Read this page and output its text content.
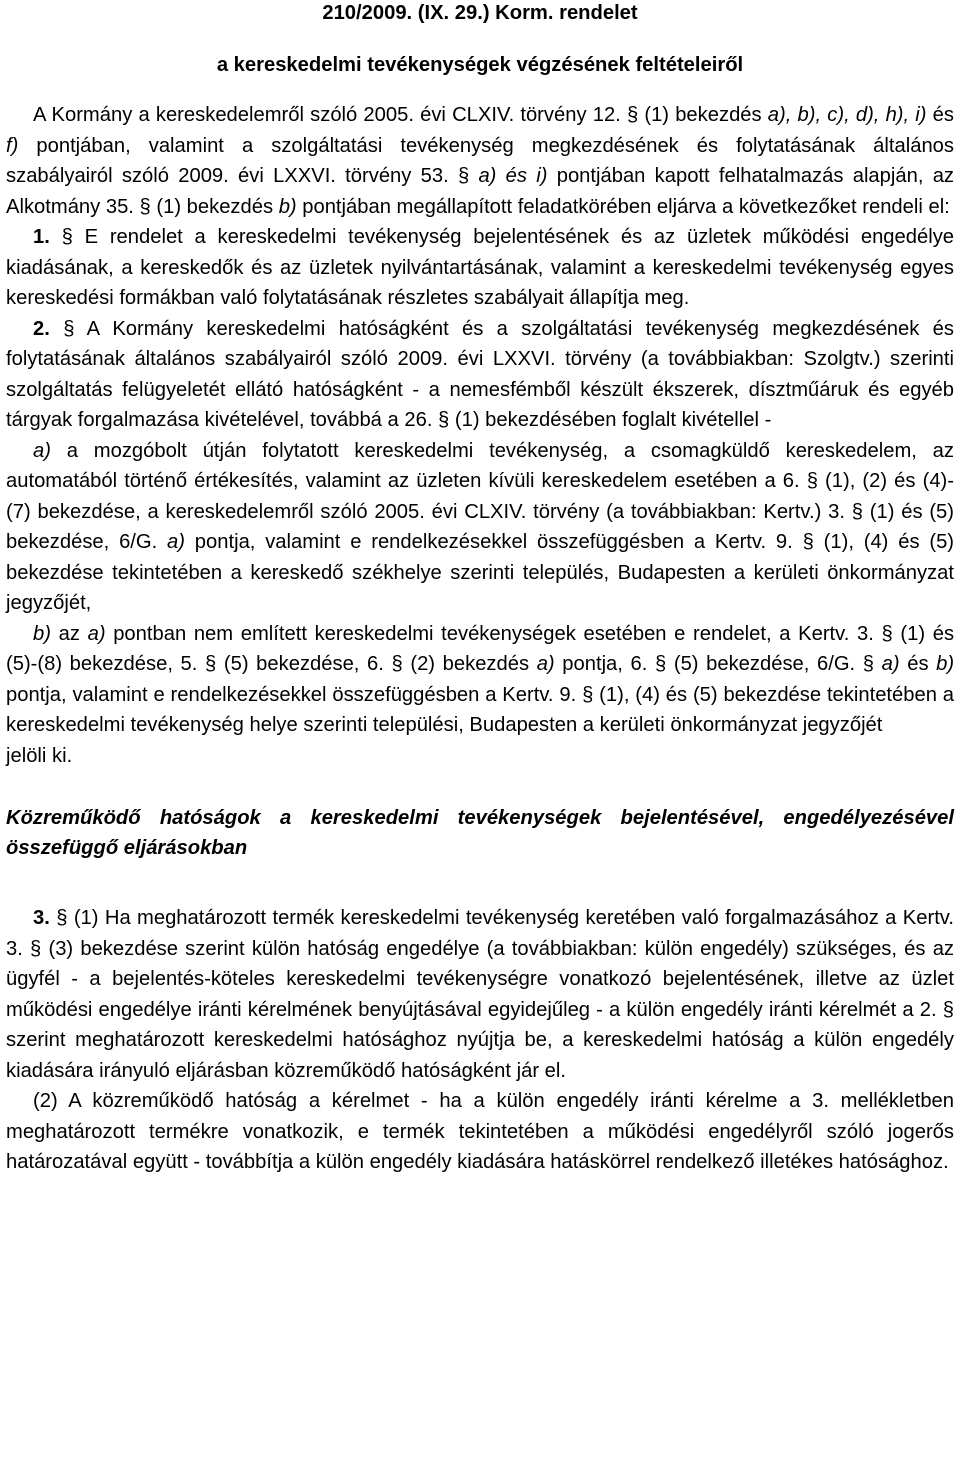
210/2009. (IX. 29.) Korm. rendelet

a kereskedelmi tevékenységek végzésének feltételeiről

A Kormány a kereskedelemről szóló 2005. évi CLXIV. törvény 12. § (1) bekezdés a), b), c), d), h), i) és f) pontjában, valamint a szolgáltatási tevékenység megkezdésének és folytatásának általános szabályairól szóló 2009. évi LXXVI. törvény 53. § a) és i) pontjában kapott felhatalmazás alapján, az Alkotmány 35. § (1) bekezdés b) pontjában megállapított feladatkörében eljárva a következőket rendeli el:

1. § E rendelet a kereskedelmi tevékenység bejelentésének és az üzletek működési engedélye kiadásának, a kereskedők és az üzletek nyilvántartásának, valamint a kereskedelmi tevékenység egyes kereskedési formákban való folytatásának részletes szabályait állapítja meg.

2. § A Kormány kereskedelmi hatóságként és a szolgáltatási tevékenység megkezdésének és folytatásának általános szabályairól szóló 2009. évi LXXVI. törvény (a továbbiakban: Szolgtv.) szerinti szolgáltatás felügyeletét ellátó hatóságként - a nemesfémből készült ékszerek, dísztműáruk és egyéb tárgyak forgalmazása kivételével, továbbá a 26. § (1) bekezdésében foglalt kivétellel -

a) a mozgóbolt útján folytatott kereskedelmi tevékenység, a csomagküldő kereskedelem, az automatából történő értékesítés, valamint az üzleten kívüli kereskedelem esetében a 6. § (1), (2) és (4)-(7) bekezdése, a kereskedelemről szóló 2005. évi CLXIV. törvény (a továbbiakban: Kertv.) 3. § (1) és (5) bekezdése, 6/G. a) pontja, valamint e rendelkezésekkel összefüggésben a Kertv. 9. § (1), (4) és (5) bekezdése tekintetében a kereskedő székhelye szerinti település, Budapesten a kerületi önkormányzat jegyzőjét,

b) az a) pontban nem említett kereskedelmi tevékenységek esetében e rendelet, a Kertv. 3. § (1) és (5)-(8) bekezdése, 5. § (5) bekezdése, 6. § (2) bekezdés a) pontja, 6. § (5) bekezdése, 6/G. § a) és b) pontja, valamint e rendelkezésekkel összefüggésben a Kertv. 9. § (1), (4) és (5) bekezdése tekintetében a kereskedelmi tevékenység helye szerinti települési, Budapesten a kerületi önkormányzat jegyzőjét

jelöli ki.

Közreműködő hatóságok a kereskedelmi tevékenységek bejelentésével, engedélyezésével összefüggő eljárásokban

3. § (1) Ha meghatározott termék kereskedelmi tevékenység keretében való forgalmazásához a Kertv. 3. § (3) bekezdése szerint külön hatóság engedélye (a továbbiakban: külön engedély) szükséges, és az ügyfél - a bejelentés-köteles kereskedelmi tevékenységre vonatkozó bejelentésének, illetve az üzlet működési engedélye iránti kérelmének benyújtásával egyidejűleg - a külön engedély iránti kérelmét a 2. § szerint meghatározott kereskedelmi hatósághoz nyújtja be, a kereskedelmi hatóság a külön engedély kiadására irányuló eljárásban közreműködő hatóságként jár el.

(2) A közreműködő hatóság a kérelmet - ha a külön engedély iránti kérelme a 3. mellékletben meghatározott termékre vonatkozik, e termék tekintetében a működési engedélyről szóló jogerős határozatával együtt - továbbítja a külön engedély kiadására hatáskörrel rendelkező illetékes hatósághoz.
